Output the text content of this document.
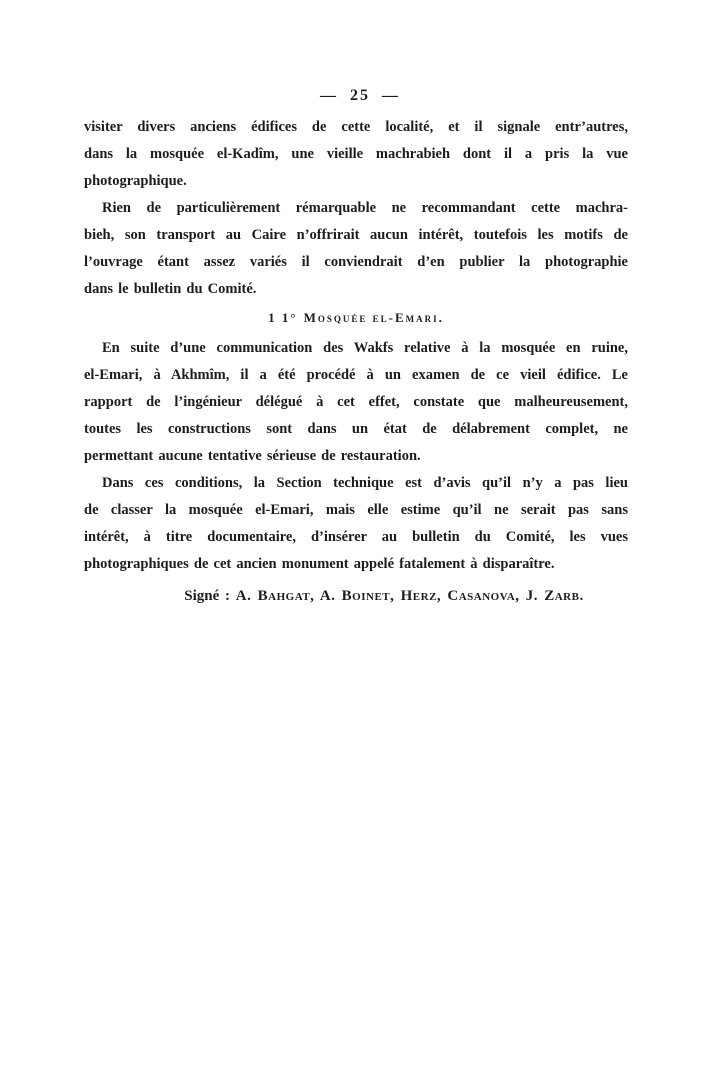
— 25 —
visiter divers anciens édifices de cette localité, et il signale entr’autres,
dans la mosquée el-Kadîm, une vieille machrabieh dont il a pris la vue
photographique.
Rien de particulièrement rémarquable ne recommandant cette machra-
bieh, son transport au Caire n’offrirait aucun intérêt, toutefois les motifs de
l’ouvrage étant assez variés il conviendrait d’en publier la photographie
dans le bulletin du Comité.
1 1° Mosquée el-Emari.
En suite d’une communication des Wakfs relative à la mosquée en ruine,
el-Emari, à Akhmîm, il a été procédé à un examen de ce vieil édifice. Le
rapport de l’ingénieur délégué à cet effet, constate que malheureusement,
toutes les constructions sont dans un état de délabrement complet, ne
permettant aucune tentative sérieuse de restauration.
Dans ces conditions, la Section technique est d’avis qu’il n’y a pas lieu
de classer la mosquée el-Emari, mais elle estime qu’il ne serait pas sans
intérêt, à titre documentaire, d’insérer au bulletin du Comité, les vues
photographiques de cet ancien monument appelé fatalement à disparaître.
Signé : A. Bahgat, A. Boinet, Herz, Casanova, J. Zarb.
